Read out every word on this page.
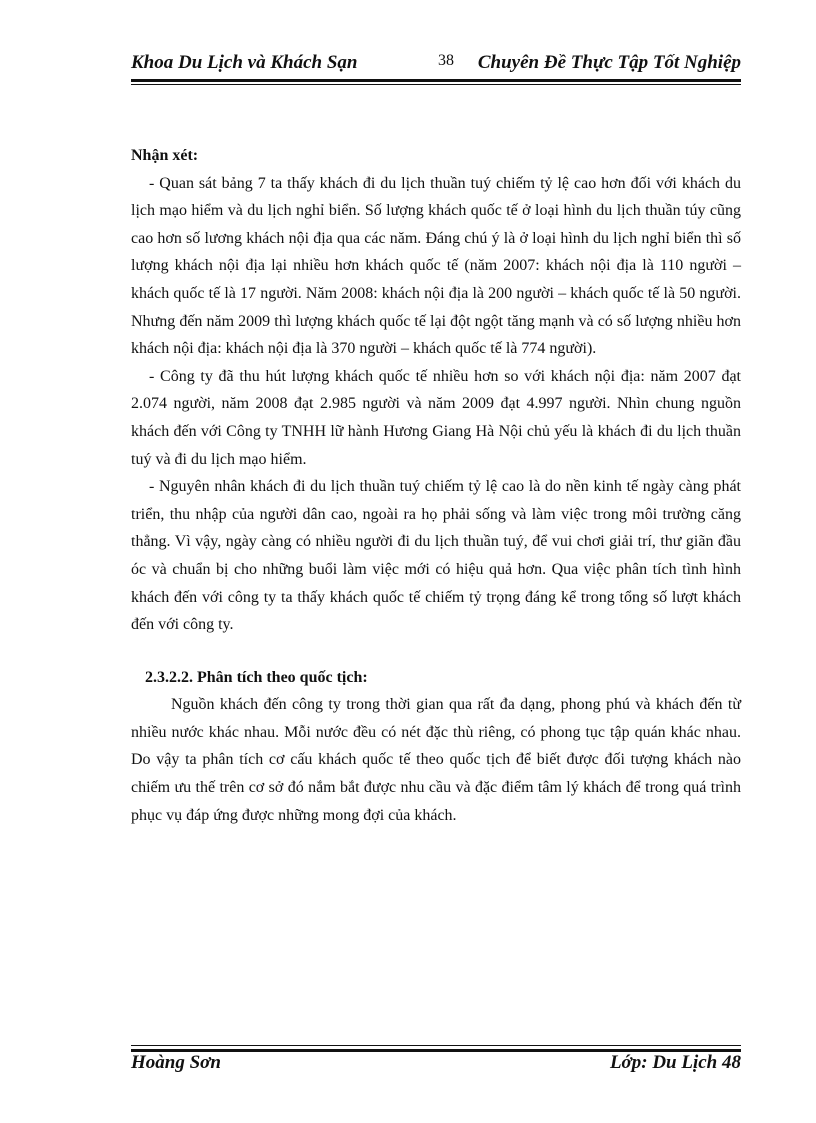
Khoa Du Lịch và Khách Sạn	38 Chuyên Đề Thực Tập Tốt Nghiệp

Nhận xét:

- Quan sát bảng 7 ta thấy khách đi du lịch thuần tuý chiếm tỷ lệ cao hơn đối với khách du lịch mạo hiểm và du lịch nghỉ biển. Số lượng khách quốc tế ở loại hình du lịch thuần túy cũng cao hơn số lương khách nội địa qua các năm. Đáng chú ý là ở loại hình du lịch nghỉ biển thì số lượng khách nội địa lại nhiều hơn khách quốc tế (năm 2007: khách nội địa là 110 người – khách quốc tế là 17 người. Năm 2008: khách nội địa là 200 người – khách quốc tế là 50 người. Nhưng đến năm 2009 thì lượng khách quốc tế lại đột ngột tăng mạnh và có số lượng nhiều hơn khách nội địa: khách nội địa là 370 người – khách quốc tế là 774 người).

- Công ty đã thu hút lượng khách quốc tế nhiều hơn so với khách nội địa: năm 2007 đạt 2.074 người, năm 2008 đạt 2.985 người và năm 2009 đạt 4.997 người. Nhìn chung nguồn khách đến với Công ty TNHH lữ hành Hương Giang Hà Nội chủ yếu là khách đi du lịch thuần tuý và đi du lịch mạo hiểm.

- Nguyên nhân khách đi du lịch thuần tuý chiếm tỷ lệ cao là do nền kinh tế ngày càng phát triển, thu nhập của người dân cao, ngoài ra họ phải sống và làm việc trong môi trường căng thẳng. Vì vậy, ngày càng có nhiều người đi du lịch thuần tuý, để vui chơi giải trí, thư giãn đầu óc và chuẩn bị cho những buổi làm việc mới có hiệu quả hơn. Qua việc phân tích tình hình khách đến với công ty ta thấy khách quốc tế chiếm tỷ trọng đáng kể trong tổng số lượt khách đến với công ty.

2.3.2.2. Phân tích theo quốc tịch:

Nguồn khách đến công ty trong thời gian qua rất đa dạng, phong phú và khách đến từ nhiều nước khác nhau. Mỗi nước đều có nét đặc thù riêng, có phong tục tập quán khác nhau. Do vậy ta phân tích cơ cấu khách quốc tế theo quốc tịch để biết được đối tượng khách nào chiếm ưu thế trên cơ sở đó nắm bắt được nhu cầu và đặc điểm tâm lý khách để trong quá trình phục vụ đáp ứng được những mong đợi của khách.

Hoàng Sơn	Lớp: Du Lịch 48
